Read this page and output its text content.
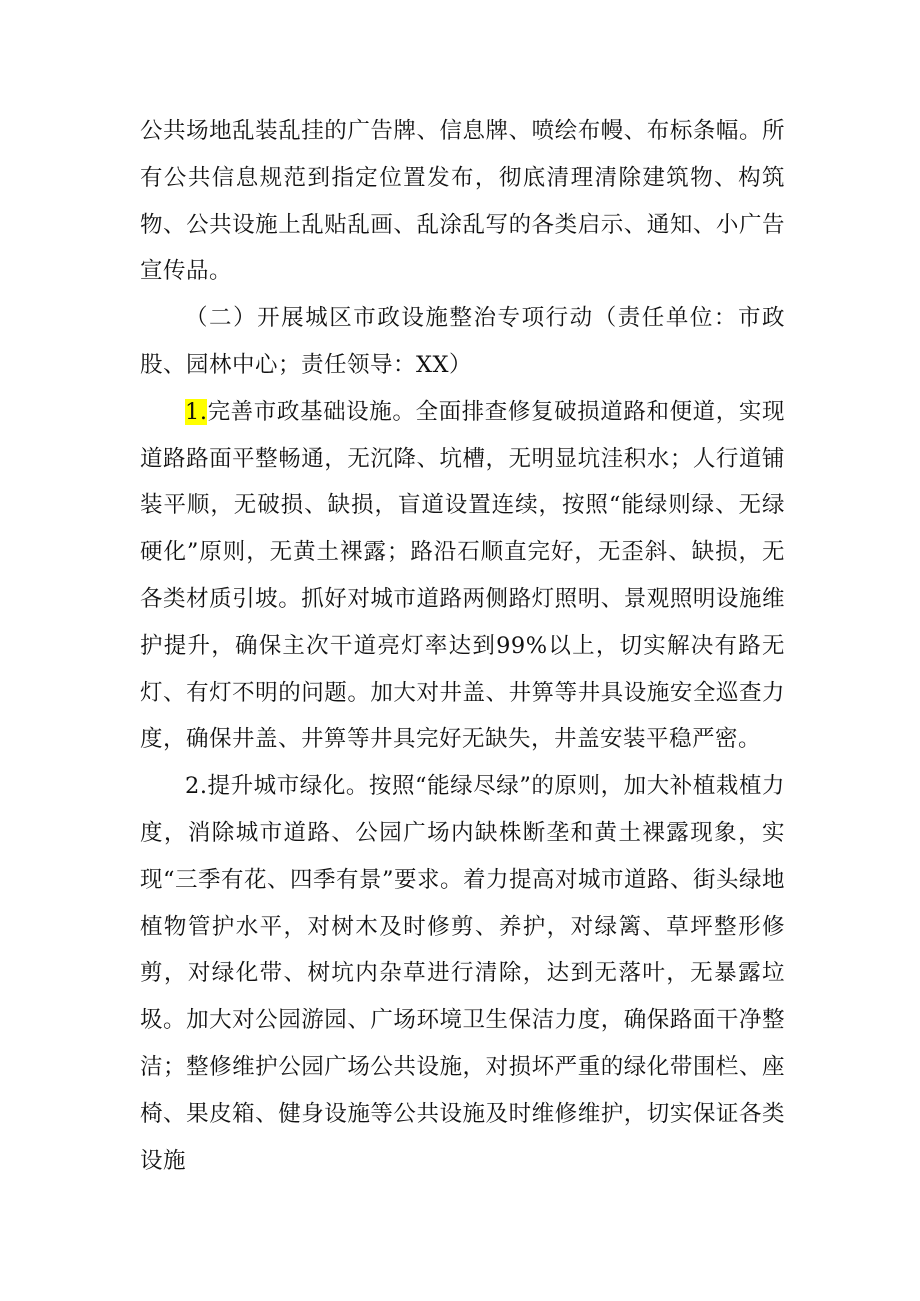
公共场地乱装乱挂的广告牌、信息牌、喷绘布幔、布标条幅。所有公共信息规范到指定位置发布，彻底清理清除建筑物、构筑物、公共设施上乱贴乱画、乱涂乱写的各类启示、通知、小广告宣传品。

（二）开展城区市政设施整治专项行动（责任单位：市政股、园林中心；责任领导：XX）

1.完善市政基础设施。全面排查修复破损道路和便道，实现道路路面平整畅通，无沉降、坑槽，无明显坑洼积水；人行道铺装平顺，无破损、缺损，盲道设置连续，按照“能绿则绿、无绿硬化”原则，无黄土裸露；路沿石顺直完好，无歪斜、缺损，无各类材质引坡。抓好对城市道路两侧路灯照明、景观照明设施维护提升，确保主次干道亮灯率达到99%以上，切实解决有路无灯、有灯不明的问题。加大对井盖、井箅等井具设施安全巡查力度，确保井盖、井箅等井具完好无缺失，井盖安装平稳严密。

2.提升城市绿化。按照“能绿尽绿”的原则，加大补植栽植力度，消除城市道路、公园广场内缺株断垄和黄土裸露现象，实现“三季有花、四季有景”要求。着力提高对城市道路、街头绿地植物管护水平，对树木及时修剪、养护，对绿篱、草坪整形修剪，对绿化带、树坑内杂草进行清除，达到无落叶，无暴露垃圾。加大对公园游园、广场环境卫生保洁力度，确保路面干净整洁；整修维护公园广场公共设施，对损坏严重的绿化带围栏、座椅、果皮箱、健身设施等公共设施及时维修维护，切实保证各类设施
